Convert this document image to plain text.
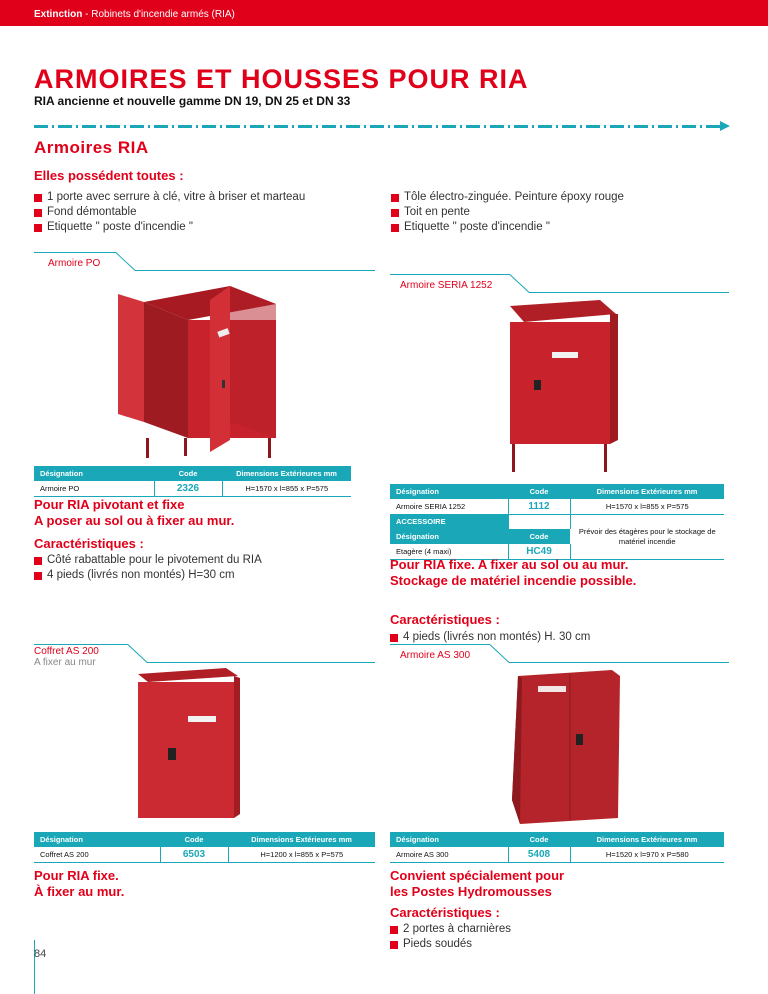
Extinction - Robinets d'incendie armés (RIA)
ARMOIRES ET HOUSSES POUR RIA
RIA ancienne et nouvelle gamme DN 19, DN 25 et DN 33
Armoires RIA
Elles possédent toutes :
1 porte avec serrure à clé, vitre à briser et marteau
Fond démontable
Etiquette " poste d'incendie "
Tôle électro-zinguée. Peinture époxy rouge
Toit en pente
Etiquette " poste d'incendie "
Armoire PO
Désignation	Code	Dimensions Extérieures mm
Armoire PO	2326	H=1570 x l=855 x P=575
Pour RIA pivotant et fixe
A poser au sol ou à fixer au mur.
Caractéristiques :
Côté rabattable pour le pivotement du RIA
4 pieds (livrés non montés) H=30 cm
Armoire SERIA 1252
Désignation	Code	Dimensions Extérieures mm
Armoire SERIA 1252	1112	H=1570 x l=855 x P=575
ACCESSOIRE		Prévoir des étagères pour le stockage de matériel incendie
Désignation	Code	
Etagère (4 maxi)	HC49	
Pour RIA fixe. A fixer au sol ou au mur.
Stockage de matériel incendie possible.
Caractéristiques :
4 pieds (livrés non montés) H. 30 cm
Coffret AS 200
A fixer au mur
Désignation	Code	Dimensions Extérieures mm
Coffret AS 200	6503	H=1200 x l=855 x P=575
Pour RIA fixe.
À fixer au mur.
Armoire AS 300
Désignation	Code	Dimensions Extérieures mm
Armoire AS 300	5408	H=1520 x l=970 x P=580
Convient spécialement pour
les Postes Hydromousses
Caractéristiques :
2 portes à charnières
Pieds soudés
84
